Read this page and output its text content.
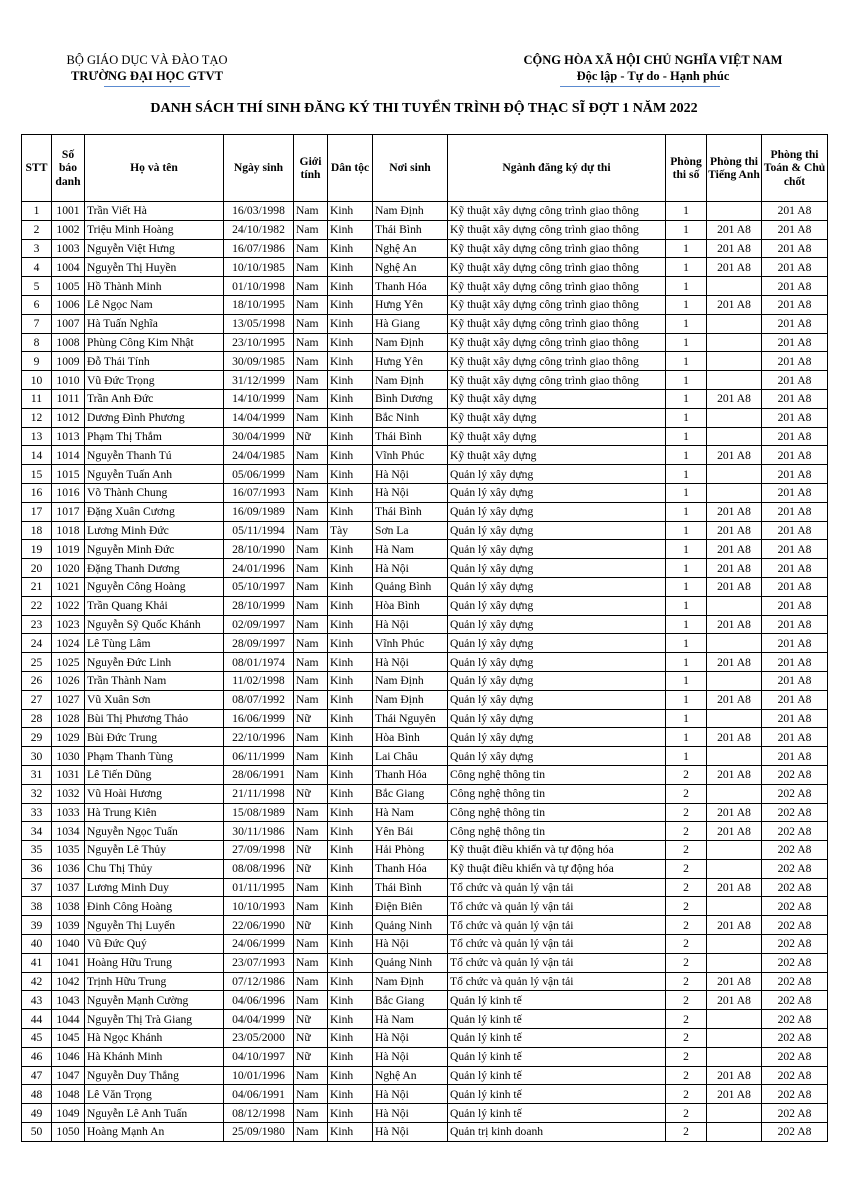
BỘ GIÁO DỤC VÀ ĐÀO TẠO
TRƯỜNG ĐẠI HỌC GTVT
CỘNG HÒA XÃ HỘI CHỦ NGHĨA VIỆT NAM
Độc lập - Tự do - Hạnh phúc
DANH SÁCH THÍ SINH ĐĂNG KÝ THI TUYỂN TRÌNH ĐỘ THẠC SĨ ĐỢT 1 NĂM 2022
STT	Số báo danh	Họ và tên	Ngày sinh	Giới tính	Dân tộc	Nơi sinh	Ngành đăng ký dự thi	Phòng thi số	Phòng thi Tiếng Anh	Phòng thi Toán & Chủ chốt
1	1001	Trần Viết Hà	16/03/1998	Nam	Kinh	Nam Định	Kỹ thuật xây dựng công trình giao thông	1		201 A8
2	1002	Triệu Minh Hoàng	24/10/1982	Nam	Kinh	Thái Bình	Kỹ thuật xây dựng công trình giao thông	1	201 A8	201 A8
3	1003	Nguyễn Việt Hưng	16/07/1986	Nam	Kinh	Nghệ An	Kỹ thuật xây dựng công trình giao thông	1	201 A8	201 A8
4	1004	Nguyễn Thị Huyền	10/10/1985	Nam	Kinh	Nghệ An	Kỹ thuật xây dựng công trình giao thông	1	201 A8	201 A8
5	1005	Hồ Thành Minh	01/10/1998	Nam	Kinh	Thanh Hóa	Kỹ thuật xây dựng công trình giao thông	1		201 A8
6	1006	Lê Ngọc Nam	18/10/1995	Nam	Kinh	Hưng Yên	Kỹ thuật xây dựng công trình giao thông	1	201 A8	201 A8
7	1007	Hà Tuấn Nghĩa	13/05/1998	Nam	Kinh	Hà Giang	Kỹ thuật xây dựng công trình giao thông	1		201 A8
8	1008	Phùng Công Kim Nhật	23/10/1995	Nam	Kinh	Nam Định	Kỹ thuật xây dựng công trình giao thông	1		201 A8
9	1009	Đỗ Thái Tính	30/09/1985	Nam	Kinh	Hưng Yên	Kỹ thuật xây dựng công trình giao thông	1		201 A8
10	1010	Vũ Đức Trọng	31/12/1999	Nam	Kinh	Nam Định	Kỹ thuật xây dựng công trình giao thông	1		201 A8
11	1011	Trần Anh Đức	14/10/1999	Nam	Kinh	Bình Dương	Kỹ thuật xây dựng	1	201 A8	201 A8
12	1012	Dương Đình Phương	14/04/1999	Nam	Kinh	Bắc Ninh	Kỹ thuật xây dựng	1		201 A8
13	1013	Phạm Thị Thắm	30/04/1999	Nữ	Kinh	Thái Bình	Kỹ thuật xây dựng	1		201 A8
14	1014	Nguyễn Thanh Tú	24/04/1985	Nam	Kinh	Vĩnh Phúc	Kỹ thuật xây dựng	1	201 A8	201 A8
15	1015	Nguyễn Tuấn Anh	05/06/1999	Nam	Kinh	Hà Nội	Quản lý xây dựng	1		201 A8
16	1016	Võ Thành Chung	16/07/1993	Nam	Kinh	Hà Nội	Quản lý xây dựng	1		201 A8
17	1017	Đặng Xuân Cương	16/09/1989	Nam	Kinh	Thái Bình	Quản lý xây dựng	1	201 A8	201 A8
18	1018	Lương Minh Đức	05/11/1994	Nam	Tày	Sơn La	Quản lý xây dựng	1	201 A8	201 A8
19	1019	Nguyễn Minh Đức	28/10/1990	Nam	Kinh	Hà Nam	Quản lý xây dựng	1	201 A8	201 A8
20	1020	Đặng Thanh Dương	24/01/1996	Nam	Kinh	Hà Nội	Quản lý xây dựng	1	201 A8	201 A8
21	1021	Nguyễn Công Hoàng	05/10/1997	Nam	Kinh	Quảng Bình	Quản lý xây dựng	1	201 A8	201 A8
22	1022	Trần Quang Khải	28/10/1999	Nam	Kinh	Hòa Bình	Quản lý xây dựng	1		201 A8
23	1023	Nguyễn Sỹ Quốc Khánh	02/09/1997	Nam	Kinh	Hà Nội	Quản lý xây dựng	1	201 A8	201 A8
24	1024	Lê Tùng Lâm	28/09/1997	Nam	Kinh	Vĩnh Phúc	Quản lý xây dựng	1		201 A8
25	1025	Nguyễn Đức Linh	08/01/1974	Nam	Kinh	Hà Nội	Quản lý xây dựng	1	201 A8	201 A8
26	1026	Trần Thành Nam	11/02/1998	Nam	Kinh	Nam Định	Quản lý xây dựng	1		201 A8
27	1027	Vũ Xuân Sơn	08/07/1992	Nam	Kinh	Nam Định	Quản lý xây dựng	1	201 A8	201 A8
28	1028	Bùi Thị Phương Thảo	16/06/1999	Nữ	Kinh	Thái Nguyên	Quản lý xây dựng	1		201 A8
29	1029	Bùi Đức Trung	22/10/1996	Nam	Kinh	Hòa Bình	Quản lý xây dựng	1	201 A8	201 A8
30	1030	Phạm Thanh Tùng	06/11/1999	Nam	Kinh	Lai Châu	Quản lý xây dựng	1		201 A8
31	1031	Lê Tiến Dũng	28/06/1991	Nam	Kinh	Thanh Hóa	Công nghệ thông tin	2	201 A8	202 A8
32	1032	Vũ Hoài Hương	21/11/1998	Nữ	Kinh	Bắc Giang	Công nghệ thông tin	2		202 A8
33	1033	Hà Trung Kiên	15/08/1989	Nam	Kinh	Hà Nam	Công nghệ thông tin	2	201 A8	202 A8
34	1034	Nguyễn Ngọc Tuấn	30/11/1986	Nam	Kinh	Yên Bái	Công nghệ thông tin	2	201 A8	202 A8
35	1035	Nguyễn Lê Thủy	27/09/1998	Nữ	Kinh	Hải Phòng	Kỹ thuật điều khiển và tự động hóa	2		202 A8
36	1036	Chu Thị Thủy	08/08/1996	Nữ	Kinh	Thanh Hóa	Kỹ thuật điều khiển và tự động hóa	2		202 A8
37	1037	Lương Minh Duy	01/11/1995	Nam	Kinh	Thái Bình	Tổ chức và quản lý vận tải	2	201 A8	202 A8
38	1038	Đinh Công Hoàng	10/10/1993	Nam	Kinh	Điện Biên	Tổ chức và quản lý vận tải	2		202 A8
39	1039	Nguyễn Thị Luyến	22/06/1990	Nữ	Kinh	Quảng Ninh	Tổ chức và quản lý vận tải	2	201 A8	202 A8
40	1040	Vũ Đức Quý	24/06/1999	Nam	Kinh	Hà Nội	Tổ chức và quản lý vận tải	2		202 A8
41	1041	Hoàng Hữu Trung	23/07/1993	Nam	Kinh	Quảng Ninh	Tổ chức và quản lý vận tải	2		202 A8
42	1042	Trịnh Hữu Trung	07/12/1986	Nam	Kinh	Nam Định	Tổ chức và quản lý vận tải	2	201 A8	202 A8
43	1043	Nguyễn Mạnh Cường	04/06/1996	Nam	Kinh	Bắc Giang	Quản lý kinh tế	2	201 A8	202 A8
44	1044	Nguyễn Thị Trà Giang	04/04/1999	Nữ	Kinh	Hà Nam	Quản lý kinh tế	2		202 A8
45	1045	Hà Ngọc Khánh	23/05/2000	Nữ	Kinh	Hà Nội	Quản lý kinh tế	2		202 A8
46	1046	Hà Khánh Minh	04/10/1997	Nữ	Kinh	Hà Nội	Quản lý kinh tế	2		202 A8
47	1047	Nguyễn Duy Thắng	10/01/1996	Nam	Kinh	Nghệ An	Quản lý kinh tế	2	201 A8	202 A8
48	1048	Lê Văn Trọng	04/06/1991	Nam	Kinh	Hà Nội	Quản lý kinh tế	2	201 A8	202 A8
49	1049	Nguyễn Lê Anh Tuấn	08/12/1998	Nam	Kinh	Hà Nội	Quản lý kinh tế	2		202 A8
50	1050	Hoàng Mạnh An	25/09/1980	Nam	Kinh	Hà Nội	Quản trị kinh doanh	2		202 A8
